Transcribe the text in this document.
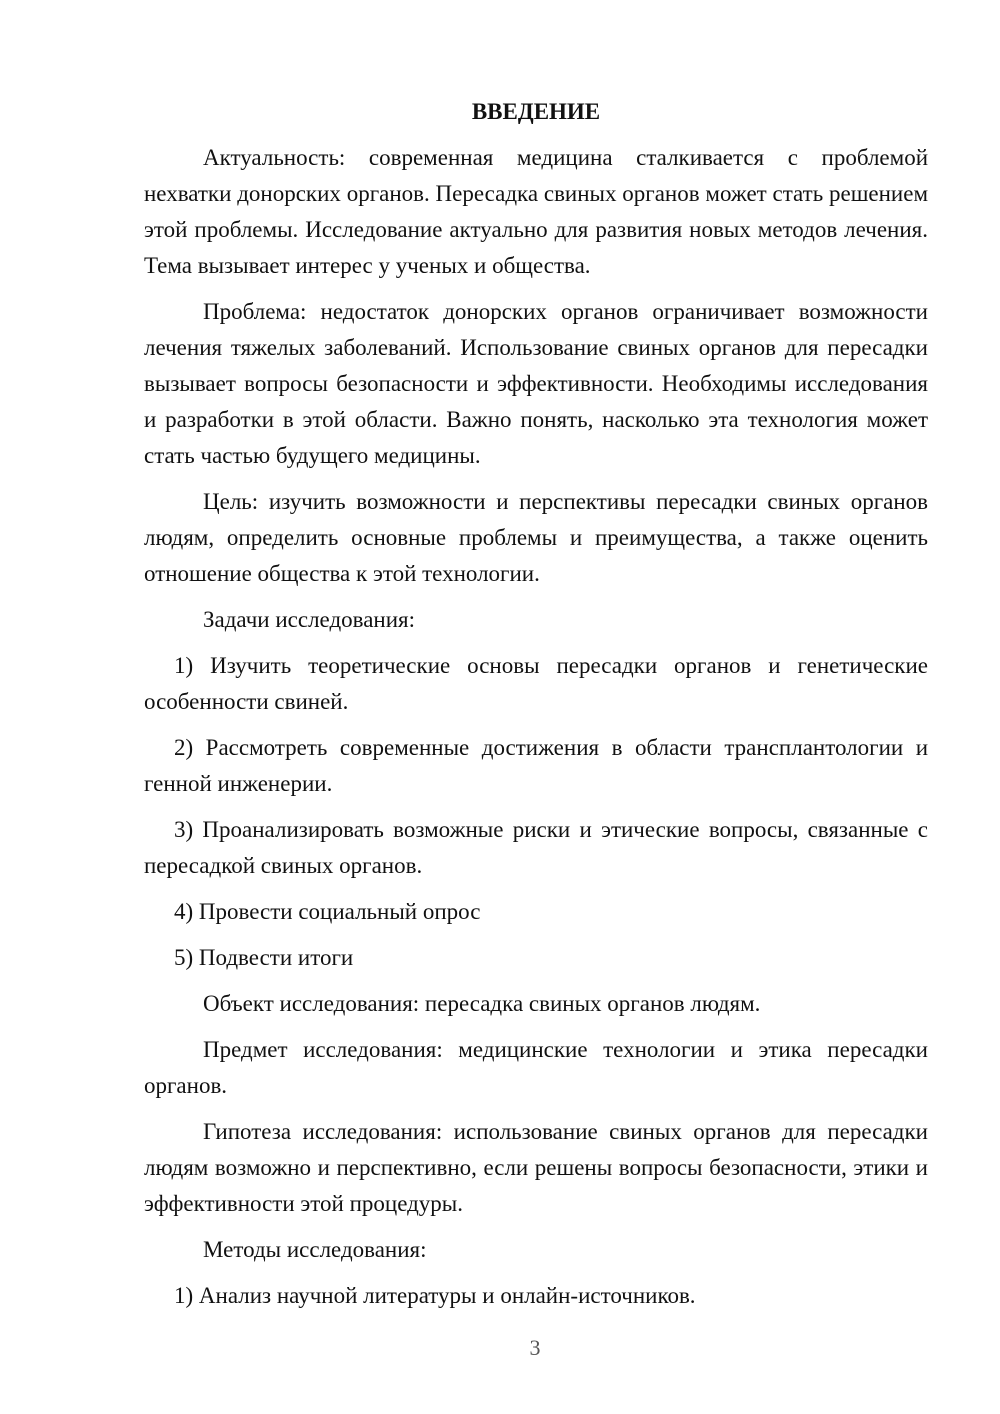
ВВЕДЕНИЕ
Актуальность: современная медицина сталкивается с проблемой нехватки донорских органов. Пересадка свиных органов может стать решением этой проблемы. Исследование актуально для развития новых методов лечения. Тема вызывает интерес у ученых и общества.
Проблема: недостаток донорских органов ограничивает возможности лечения тяжелых заболеваний. Использование свиных органов для пересадки вызывает вопросы безопасности и эффективности. Необходимы исследования и разработки в этой области. Важно понять, насколько эта технология может стать частью будущего медицины.
Цель: изучить возможности и перспективы пересадки свиных органов людям, определить основные проблемы и преимущества, а также оценить отношение общества к этой технологии.
Задачи исследования:
1) Изучить теоретические основы пересадки органов и генетические особенности свиней.
2) Рассмотреть современные достижения в области трансплантологии и генной инженерии.
3) Проанализировать возможные риски и этические вопросы, связанные с пересадкой свиных органов.
4) Провести социальный опрос
5) Подвести итоги
Объект исследования: пересадка свиных органов людям.
Предмет исследования: медицинские технологии и этика пересадки органов.
Гипотеза исследования: использование свиных органов для пересадки людям возможно и перспективно, если решены вопросы безопасности, этики и эффективности этой процедуры.
Методы исследования:
1) Анализ научной литературы и онлайн-источников.
3
